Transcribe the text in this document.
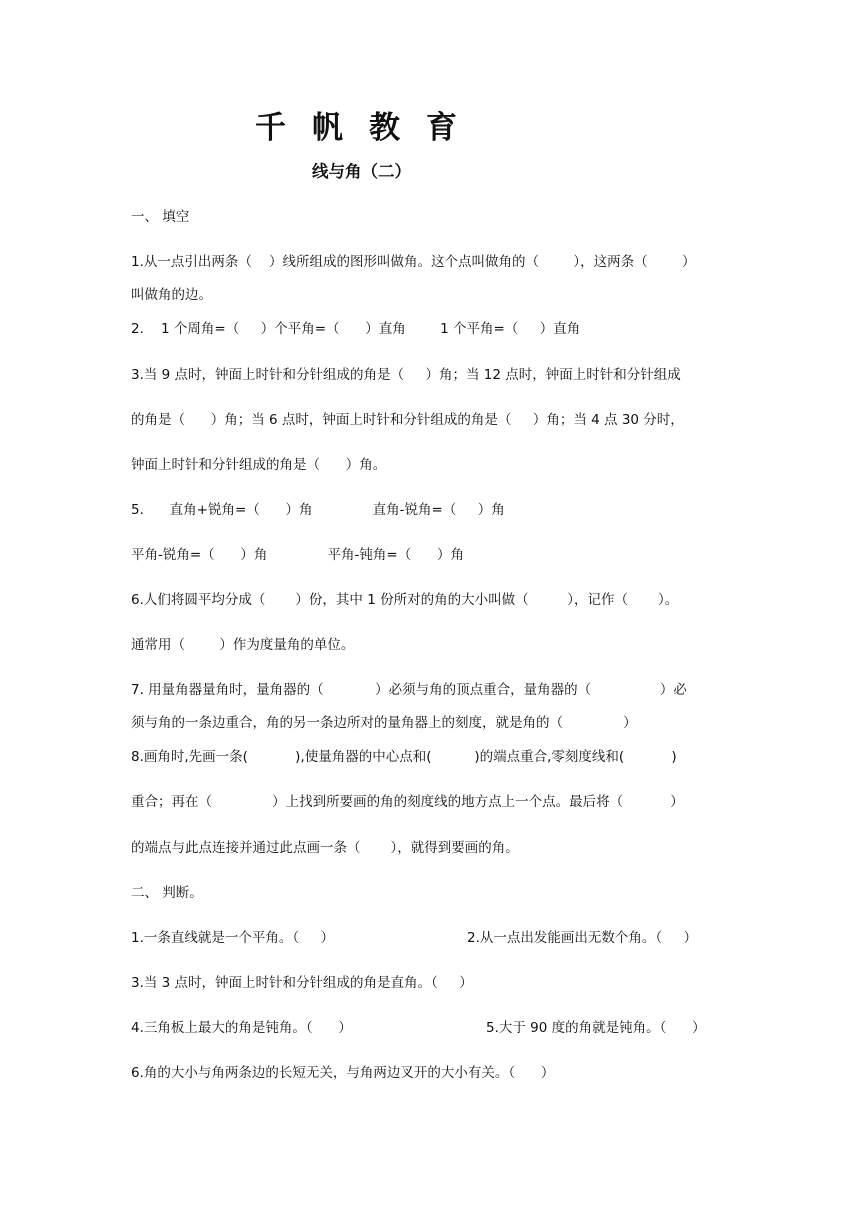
千帆教育
线与角（二）
一、 填空
1.从一点引出两条（    ）线所组成的图形叫做角。这个点叫做角的（        ），这两条（        ）
叫做角的边。
2.    1 个周角=（     ）个平角=（      ）直角        1 个平角=（     ）直角
3.当 9 点时，钟面上时针和分针组成的角是（     ）角；当 12 点时，钟面上时针和分针组成
的角是（      ）角；当 6 点时，钟面上时针和分针组成的角是（     ）角；当 4 点 30 分时，
钟面上时针和分针组成的角是（      ）角。
5.      直角+锐角=（      ）角              直角-锐角=（     ）角
平角-锐角=（      ）角              平角-钝角=（      ）角
6.人们将圆平均分成（       ）份，其中 1 份所对的角的大小叫做（         ），记作（       ）。
通常用（        ）作为度量角的单位。
7. 用量角器量角时，量角器的（            ）必须与角的顶点重合，量角器的（                ）必
须与角的一条边重合，角的另一条边所对的量角器上的刻度，就是角的（              ）
8.画角时,先画一条(           ),使量角器的中心点和(          )的端点重合,零刻度线和(           )
重合；再在（              ）上找到所要画的角的刻度线的地方点上一个点。最后将（           ）
的端点与此点连接并通过此点画一条（       ），就得到要画的角。
二、 判断。
1.一条直线就是一个平角。（     ）	2.从一点出发能画出无数个角。（     ）
3.当 3 点时，钟面上时针和分针组成的角是直角。（     ）
4.三角板上最大的角是钝角。（      ）	5.大于 90 度的角就是钝角。（      ）
6.角的大小与角两条边的长短无关，与角两边叉开的大小有关。（      ）
